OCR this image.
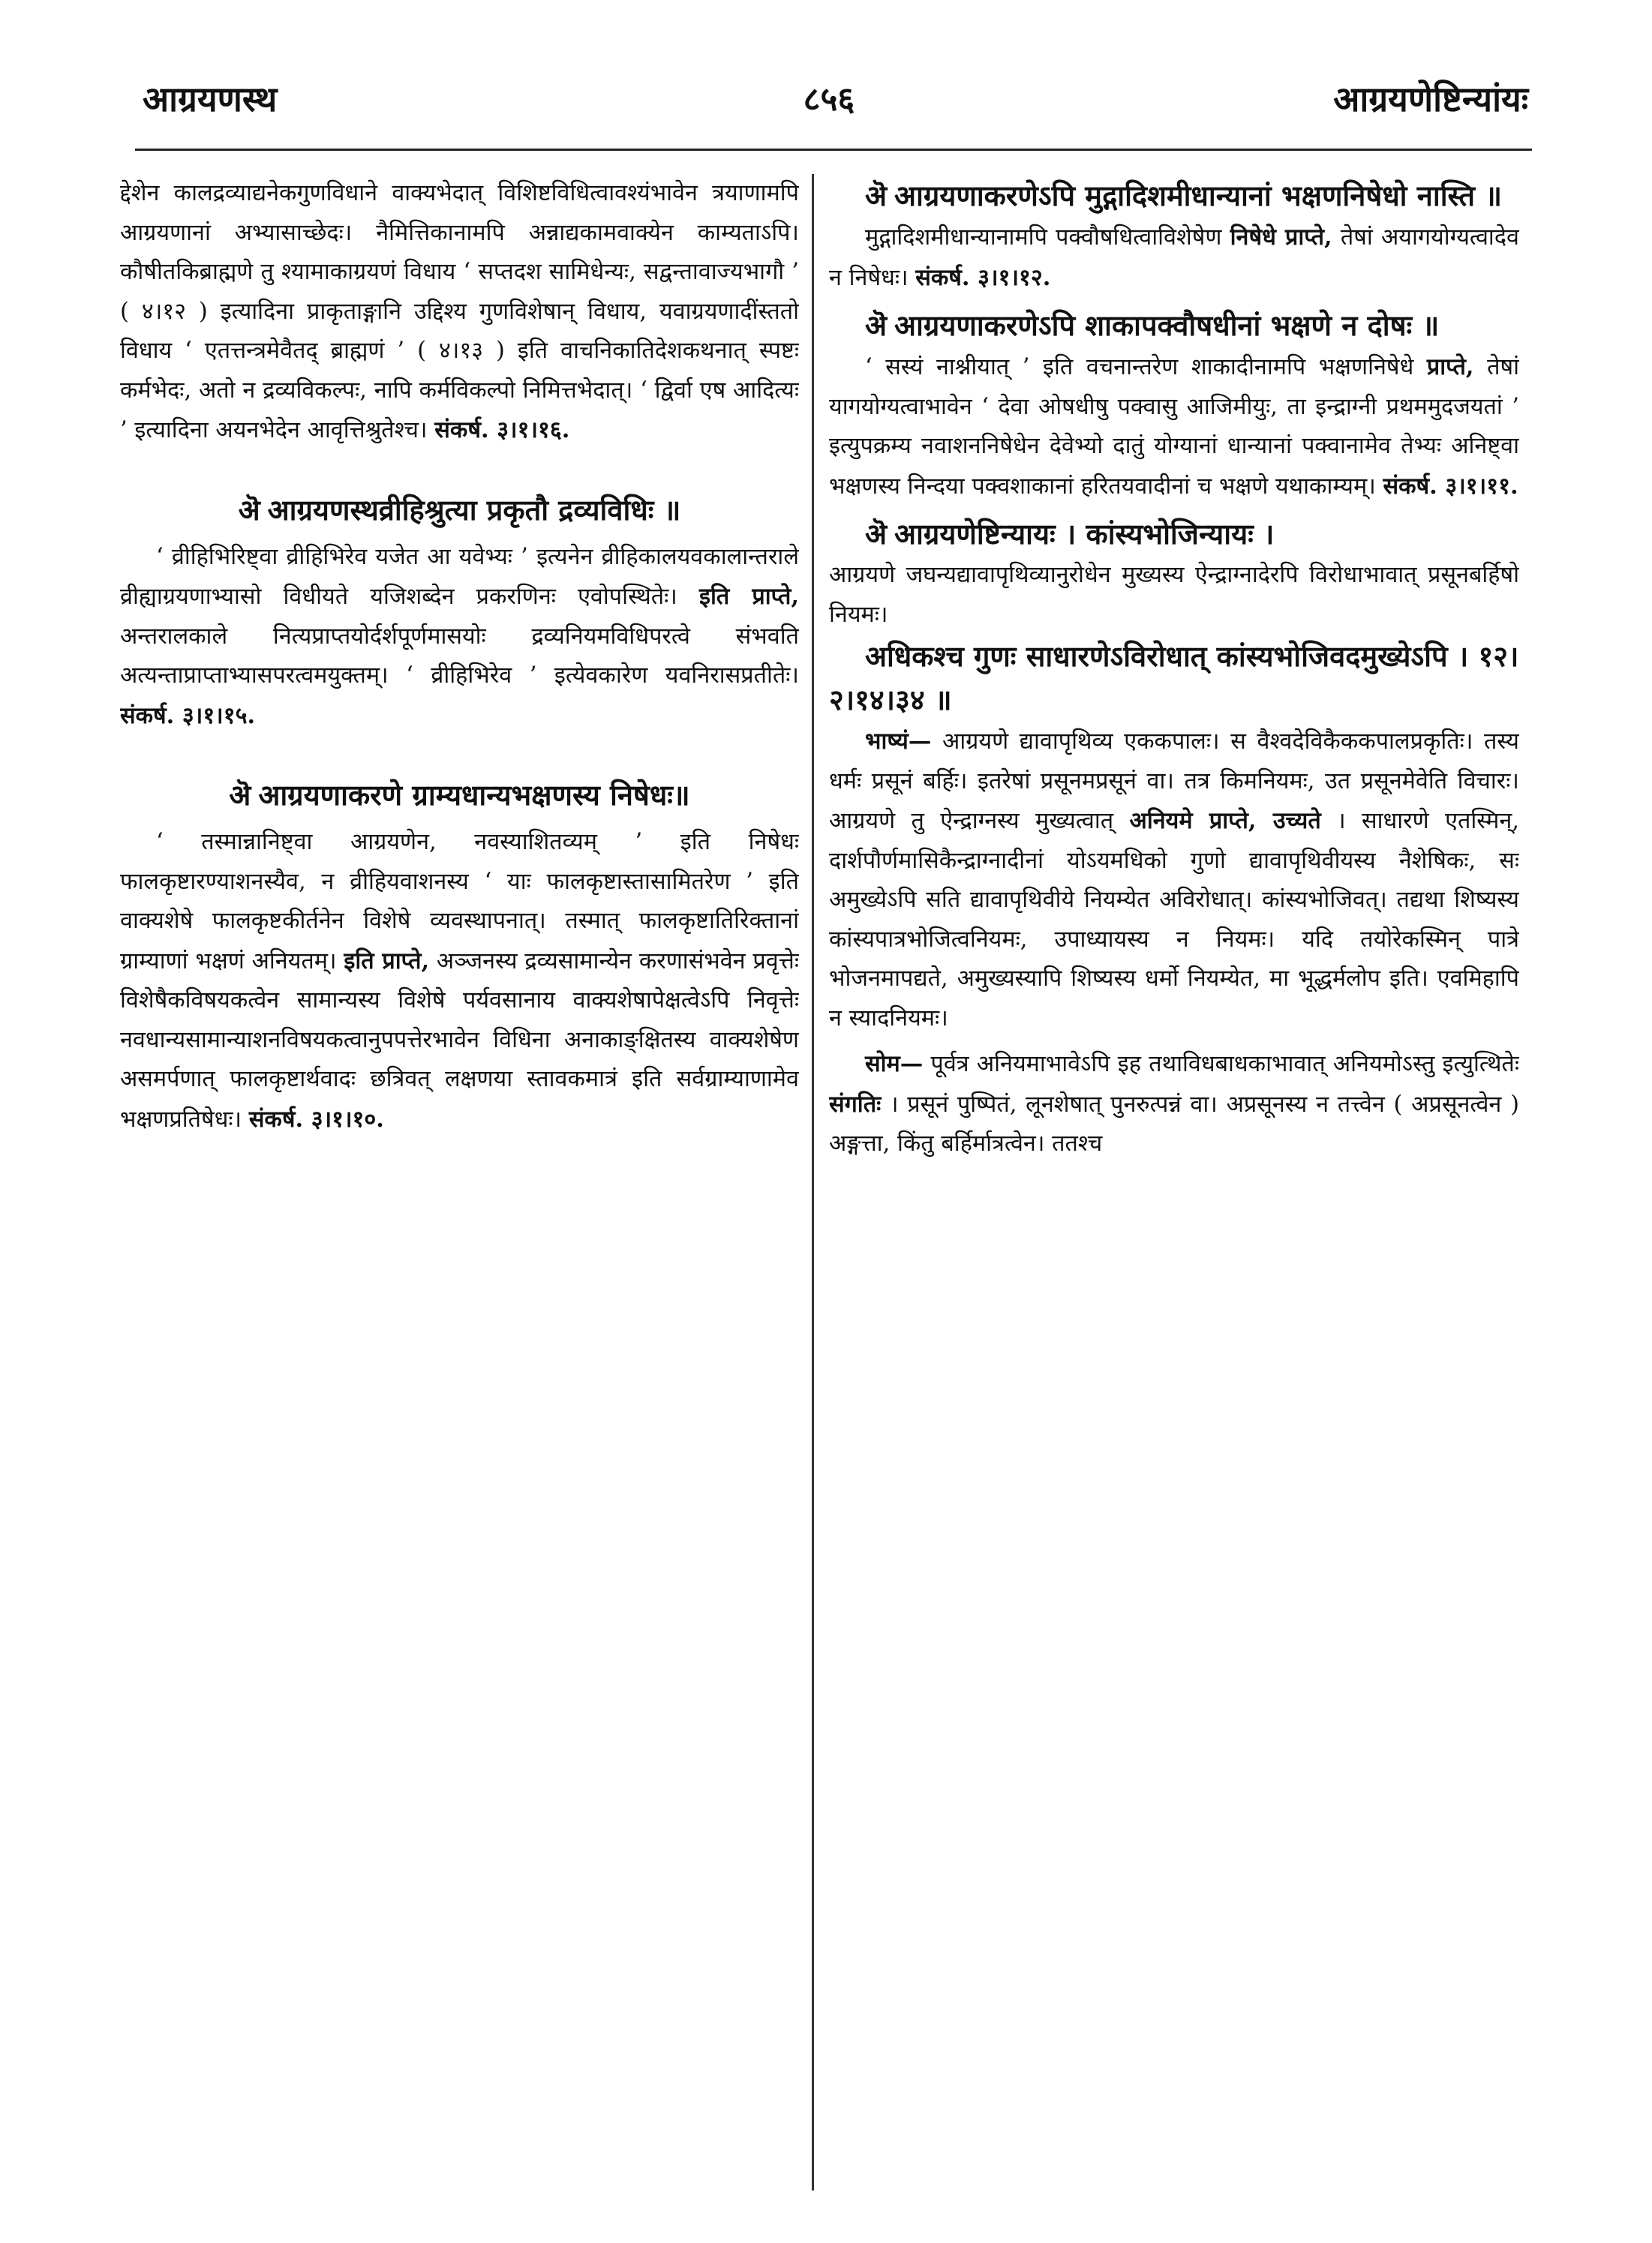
आग्रयणस्थ	८५६	आग्रयणेष्टिन्यांयः

द्देशेन कालद्रव्याद्यनेकगुणविधाने वाक्यभेदात् विशिष्टविधित्वावश्यंभावेन त्रयाणामपि आग्रयणानां अभ्यासाच्छेदः। नैमित्तिकानामपि अन्नाद्यकामवाक्येन काम्यताऽपि। कौषीतकिब्राह्मणे तु श्यामाकाग्रयणं विधाय ‘ सप्तदश सामिधेन्यः, सद्वन्तावाज्यभागौ ’ ( ४।१२ ) इत्यादिना प्राकृताङ्गानि उद्दिश्य गुणविशेषान् विधाय, यवाग्रयणादींस्ततो विधाय ‘ एतत्तन्त्रमेवैतद् ब्राह्मणं ’ ( ४।१३ ) इति वाचनिकातिदेशकथनात् स्पष्टः कर्मभेदः, अतो न द्रव्यविकल्पः, नापि कर्मविकल्पो निमित्तभेदात्। ‘ द्विर्वा एष आदित्यः ’ इत्यादिना अयनभेदेन आवृत्तिश्रुतेश्च। संकर्ष. ३।१।१६.

ऄ आग्रयणस्थव्रीहिश्रुत्या प्रकृतौ द्रव्यविधिः ॥

‘ व्रीहिभिरिष्ट्वा व्रीहिभिरेव यजेत आ यवेभ्यः ’ इत्यनेन व्रीहिकालयवकालान्तराले व्रीह्याग्रयणाभ्यासो विधीयते यजिशब्देन प्रकरणिनः एवोपस्थितेः। इति प्राप्ते, अन्तरालकाले नित्यप्राप्तयोर्दर्शपूर्णमासयोः द्रव्यनियमविधिपरत्वे संभवति अत्यन्ताप्राप्ताभ्यासपरत्वमयुक्तम्। ‘ व्रीहिभिरेव ’ इत्येवकारेण यवनिरासप्रतीतेः। संकर्ष. ३।१।१५.

ऄ आग्रयणाकरणे ग्राम्यधान्यभक्षणस्य निषेधः॥

‘ तस्मान्नानिष्ट्वा आग्रयणेन, नवस्याशितव्यम् ’ इति निषेधः फालकृष्टारण्याशनस्यैव, न व्रीहियवाशनस्य ‘ याः फालकृष्टास्तासामितरेण ’ इति वाक्यशेषे फालकृष्टकीर्तनेन विशेषे व्यवस्थापनात्। तस्मात् फालकृष्टातिरिक्तानां ग्राम्याणां भक्षणं अनियतम्। इति प्राप्ते, अञ्जनस्य द्रव्यसामान्येन करणासंभवेन प्रवृत्तेः विशेषैकविषयकत्वेन सामान्यस्य विशेषे पर्यवसानाय वाक्यशेषापेक्षत्वेऽपि निवृत्तेः नवधान्यसामान्याशनविषयकत्वानुपपत्तेरभावेन विधिना अनाकाङ्क्षितस्य वाक्यशेषेण असमर्पणात् फालकृष्टार्थवादः छत्रिवत् लक्षणया स्तावकमात्रं इति सर्वग्राम्याणामेव भक्षणप्रतिषेधः। संकर्ष. ३।१।१०.

ऄ आग्रयणाकरणेऽपि मुद्गादिशमीधान्यानां भक्षणनिषेधो नास्ति ॥

मुद्गादिशमीधान्यानामपि पक्वौषधित्वाविशेषेण निषेधे प्राप्ते, तेषां अयागयोग्यत्वादेव न निषेधः। संकर्ष. ३।१।१२.

ऄ आग्रयणाकरणेऽपि शाकापक्वौषधीनां भक्षणे न दोषः ॥

‘ सस्यं नाश्नीयात् ’ इति वचनान्तरेण शाकादीनामपि भक्षणनिषेधे प्राप्ते, तेषां यागयोग्यत्वाभावेन ‘ देवा ओषधीषु पक्वासु आजिमीयुः, ता इन्द्राग्नी प्रथममुदजयतां ’ इत्युपक्रम्य नवाशननिषेधेन देवेभ्यो दातुं योग्यानां धान्यानां पक्वानामेव तेभ्यः अनिष्ट्वा भक्षणस्य निन्दया पक्वशाकानां हरितयवादीनां च भक्षणे यथाकाम्यम्। संकर्ष. ३।१।११.

ऄ आग्रयणेष्टिन्यायः । कांस्यभोजिन्यायः ।

आग्रयणे जघन्यद्यावापृथिव्यानुरोधेन मुख्यस्य ऐन्द्राग्नादेरपि विरोधाभावात् प्रसूनबर्हिषो नियमः।

अधिकश्च गुणः साधारणेऽविरोधात् कांस्यभोजिवदमुख्येऽपि । १२।२।१४।३४ ॥

भाष्यं— आग्रयणे द्यावापृथिव्य एककपालः। स वैश्वदेविकैककपालप्रकृतिः। तस्य धर्मः प्रसूनं बर्हिः। इतरेषां प्रसूनमप्रसूनं वा। तत्र किमनियमः, उत प्रसूनमेवेति विचारः। आग्रयणे तु ऐन्द्राग्नस्य मुख्यत्वात् अनियमे प्राप्ते, उच्यते । साधारणे एतस्मिन्, दार्शपौर्णमासिकैन्द्राग्नादीनां योऽयमधिको गुणो द्यावापृथिवीयस्य नैशेषिकः, सः अमुख्येऽपि सति द्यावापृथिवीये नियम्येत अविरोधात्। कांस्यभोजिवत्। तद्यथा शिष्यस्य कांस्यपात्रभोजित्वनियमः, उपाध्यायस्य न नियमः। यदि तयोरेकस्मिन् पात्रे भोजनमापद्यते, अमुख्यस्यापि शिष्यस्य धर्मो नियम्येत, मा भूद्धर्मलोप इति। एवमिहापि न स्यादनियमः।

सोम— पूर्वत्र अनियमाभावेऽपि इह तथाविधबाधकाभावात् अनियमोऽस्तु इत्युत्थितेः संगतिः । प्रसूनं पुष्पितं, लूनशेषात् पुनरुत्पन्नं वा। अप्रसूनस्य न तत्त्वेन ( अप्रसूनत्वेन ) अङ्गत्ता, किंतु बर्हिर्मात्रत्वेन। ततश्च
